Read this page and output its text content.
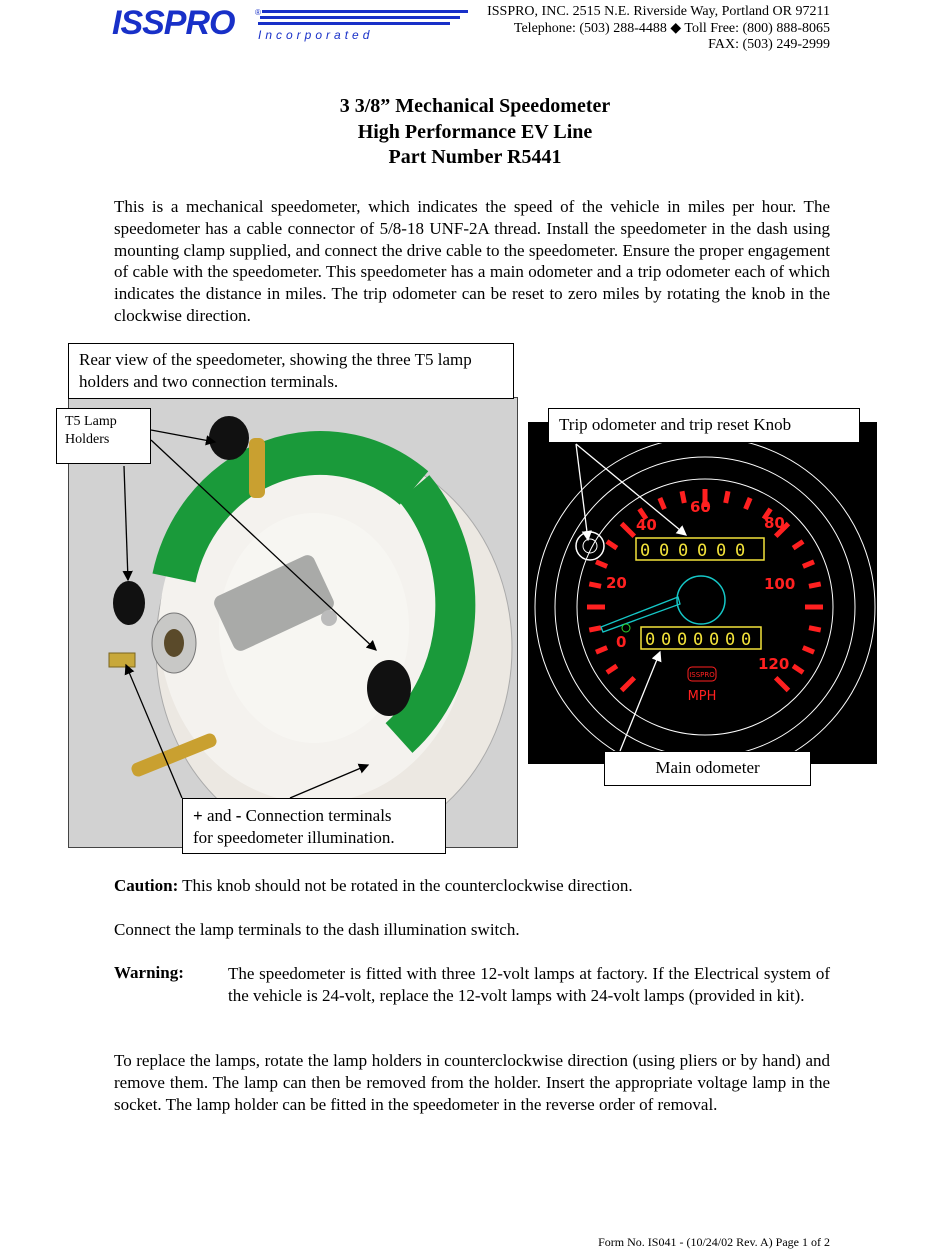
ISSPRO	®
Incorporated
ISSPRO, INC. 2515 N.E. Riverside Way, Portland OR 97211
Telephone: (503) 288-4488 ◆ Toll Free: (800) 888-8065
FAX: (503) 249-2999
3 3/8” Mechanical Speedometer
High Performance EV Line
Part Number R5441
This is a mechanical speedometer, which indicates the speed of the vehicle in miles per hour. The speedometer has a cable connector of 5/8-18 UNF-2A thread. Install the speedometer in the dash using mounting clamp supplied, and connect the drive cable to the speedometer. Ensure the proper engagement of cable with the speedometer. This speedometer has a main odometer and a trip odometer each of which indicates the distance in miles. The trip odometer can be reset to zero miles by rotating the knob in the clockwise direction.
Rear view of the speedometer, showing the three T5 lamp holders and two connection terminals.
T5 Lamp Holders
+ and - Connection terminals
for speedometer illumination.
0
20
40
60
80
100
120
0 0 0 0 0 0
0 0 0 0 0 0 0
ISSPRO
MPH
Trip odometer and trip reset Knob
Main odometer
Caution: This knob should not be rotated in the counterclockwise direction.
Connect the lamp terminals to the dash illumination switch.
Warning:	The speedometer is fitted with three 12-volt lamps at factory. If the Electrical system of the vehicle is 24-volt, replace the 12-volt lamps with 24-volt lamps (provided in kit).
To replace the lamps, rotate the lamp holders in counterclockwise direction (using pliers or by hand) and remove them. The lamp can then be removed from the holder. Insert the appropriate voltage lamp in the socket. The lamp holder can be fitted in the speedometer in the reverse order of removal.
Form No. IS041 - (10/24/02 Rev. A) Page 1 of 2
